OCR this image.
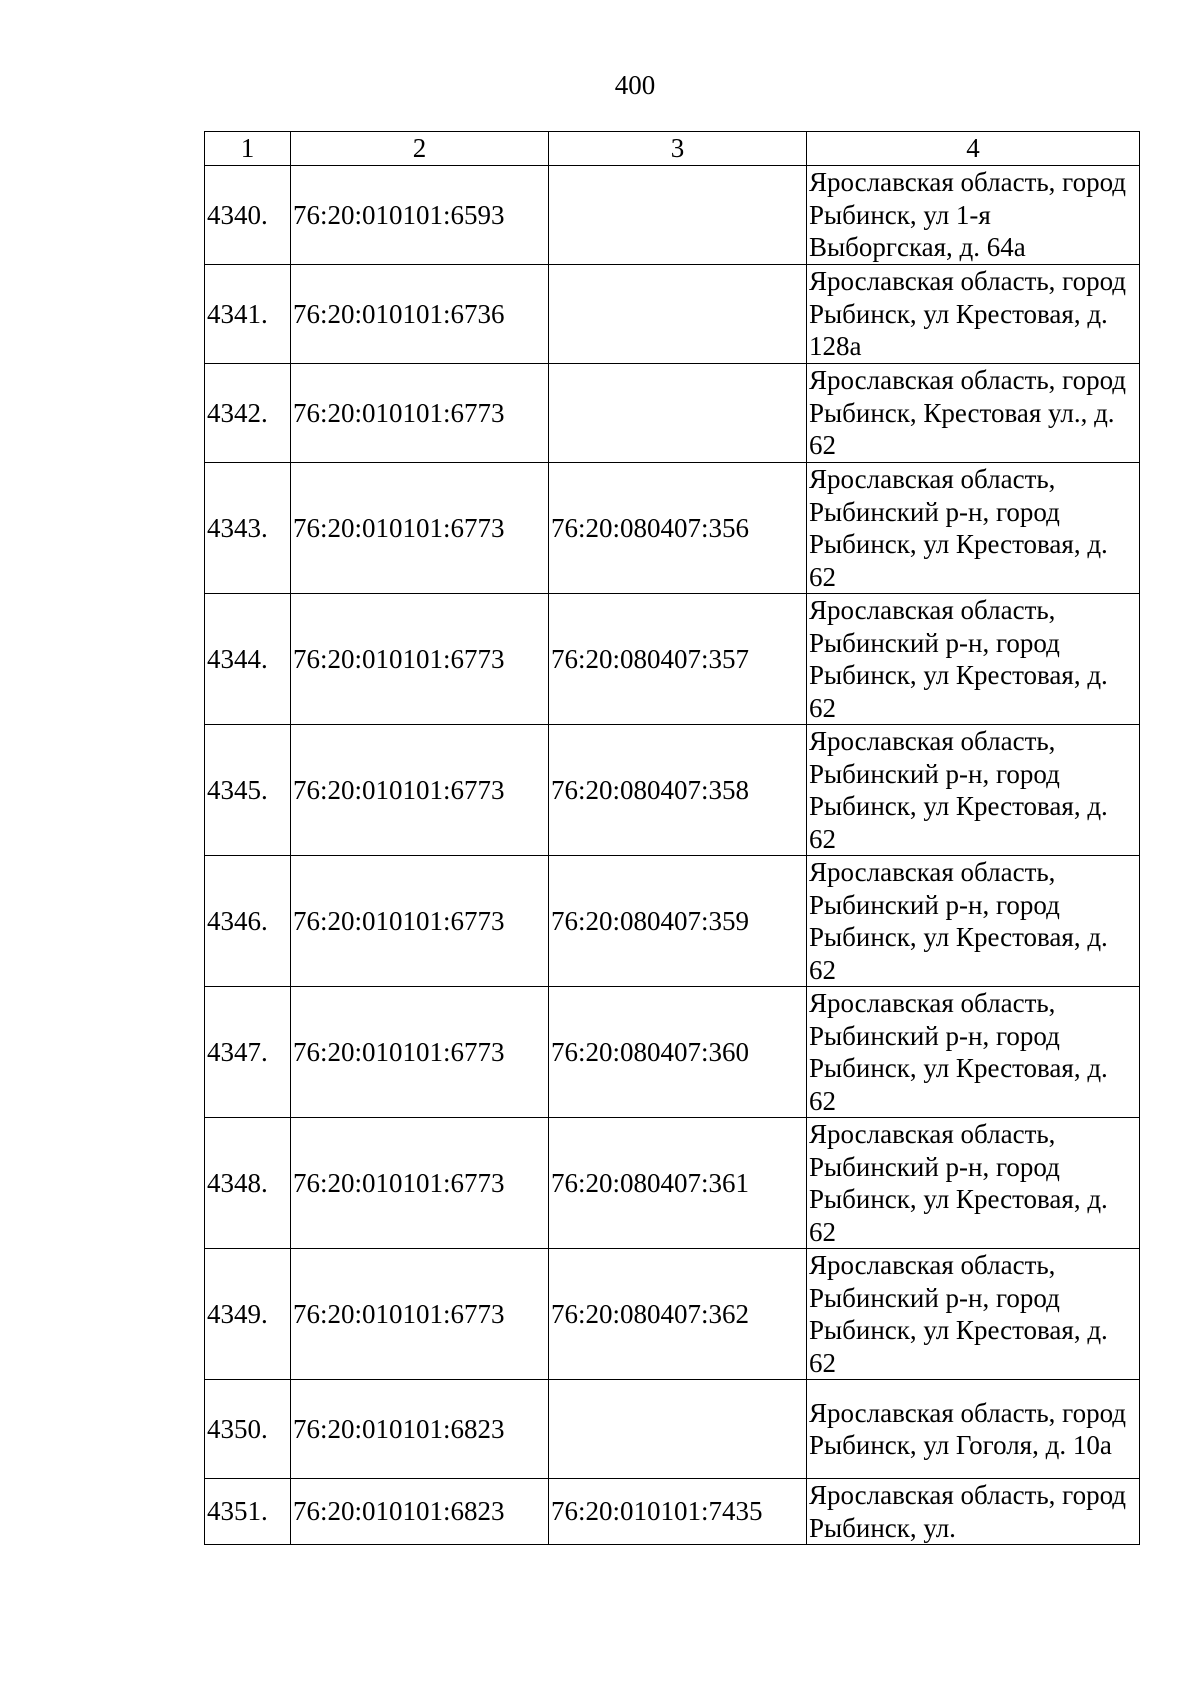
400
1	2	3	4
4340.	76:20:010101:6593		Ярославская область, город Рыбинск, ул 1-я Выборгская, д. 64а
4341.	76:20:010101:6736		Ярославская область, город Рыбинск, ул Крестовая, д. 128а
4342.	76:20:010101:6773		Ярославская область, город Рыбинск, Крестовая ул., д. 62
4343.	76:20:010101:6773	76:20:080407:356	Ярославская область, Рыбинский р-н, город Рыбинск, ул Крестовая, д. 62
4344.	76:20:010101:6773	76:20:080407:357	Ярославская область, Рыбинский р-н, город Рыбинск, ул Крестовая, д. 62
4345.	76:20:010101:6773	76:20:080407:358	Ярославская область, Рыбинский р-н, город Рыбинск, ул Крестовая, д. 62
4346.	76:20:010101:6773	76:20:080407:359	Ярославская область, Рыбинский р-н, город Рыбинск, ул Крестовая, д. 62
4347.	76:20:010101:6773	76:20:080407:360	Ярославская область, Рыбинский р-н, город Рыбинск, ул Крестовая, д. 62
4348.	76:20:010101:6773	76:20:080407:361	Ярославская область, Рыбинский р-н, город Рыбинск, ул Крестовая, д. 62
4349.	76:20:010101:6773	76:20:080407:362	Ярославская область, Рыбинский р-н, город Рыбинск, ул Крестовая, д. 62
4350.	76:20:010101:6823		Ярославская область, город Рыбинск, ул Гоголя, д. 10а
4351.	76:20:010101:6823	76:20:010101:7435	Ярославская область, город Рыбинск, ул.
